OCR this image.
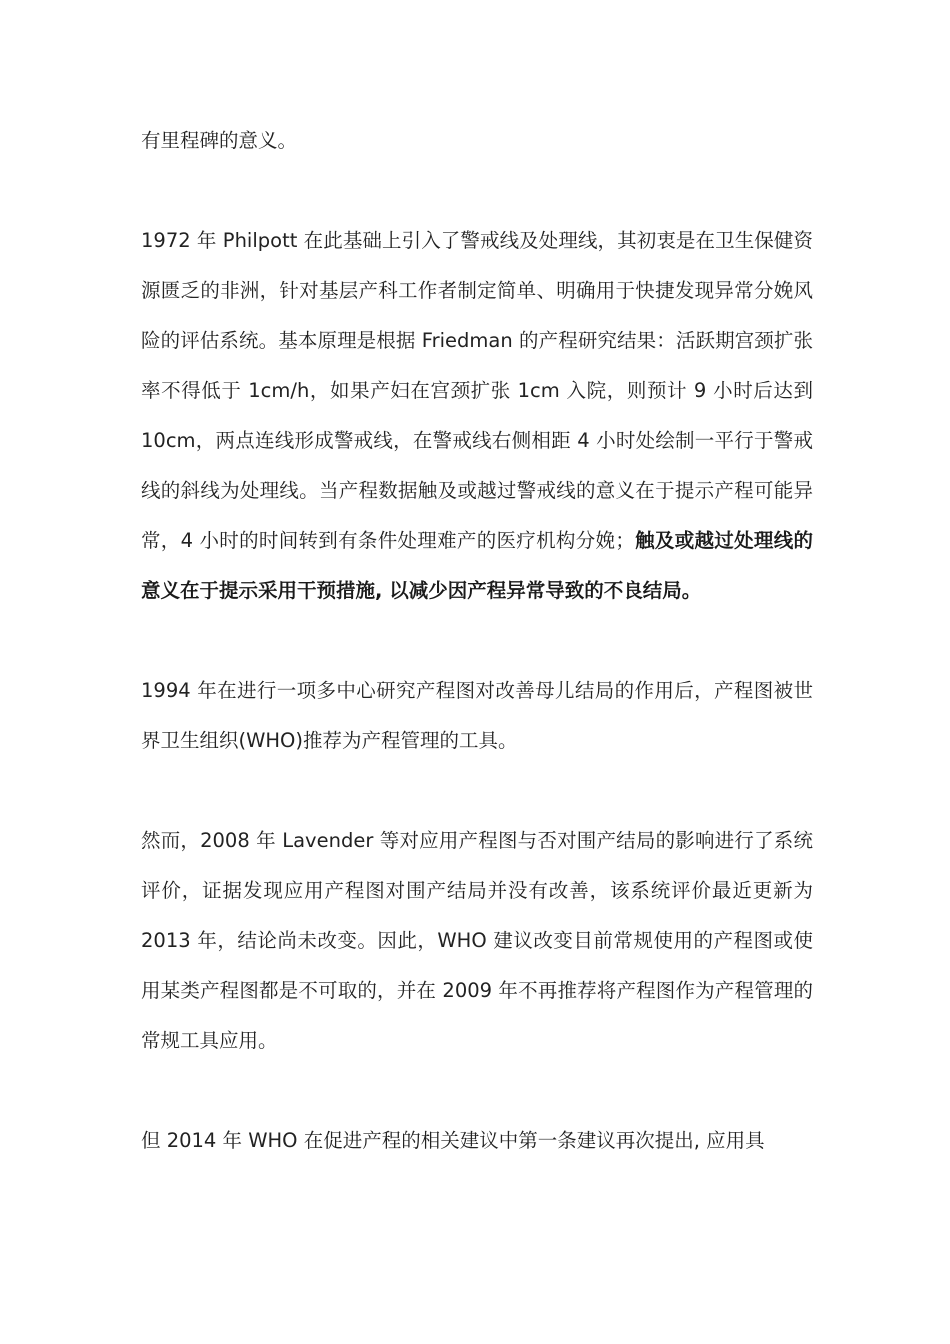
有里程碑的意义。

1972 年 Philpott 在此基础上引入了警戒线及处理线，其初衷是在卫生保健资源匮乏的非洲，针对基层产科工作者制定简单、明确用于快捷发现异常分娩风险的评估系统。基本原理是根据 Friedman 的产程研究结果：活跃期宫颈扩张率不得低于 1cm/h，如果产妇在宫颈扩张 1cm 入院，则预计 9 小时后达到 10cm，两点连线形成警戒线，在警戒线右侧相距 4 小时处绘制一平行于警戒线的斜线为处理线。当产程数据触及或越过警戒线的意义在于提示产程可能异常，4 小时的时间转到有条件处理难产的医疗机构分娩；触及或越过处理线的意义在于提示采用干预措施, 以减少因产程异常导致的不良结局。

1994 年在进行一项多中心研究产程图对改善母儿结局的作用后，产程图被世界卫生组织(WHO)推荐为产程管理的工具。

然而，2008 年 Lavender 等对应用产程图与否对围产结局的影响进行了系统评价，证据发现应用产程图对围产结局并没有改善，该系统评价最近更新为 2013 年，结论尚未改变。因此，WHO 建议改变目前常规使用的产程图或使用某类产程图都是不可取的，并在 2009 年不再推荐将产程图作为产程管理的常规工具应用。

但 2014 年 WHO 在促进产程的相关建议中第一条建议再次提出, 应用具
